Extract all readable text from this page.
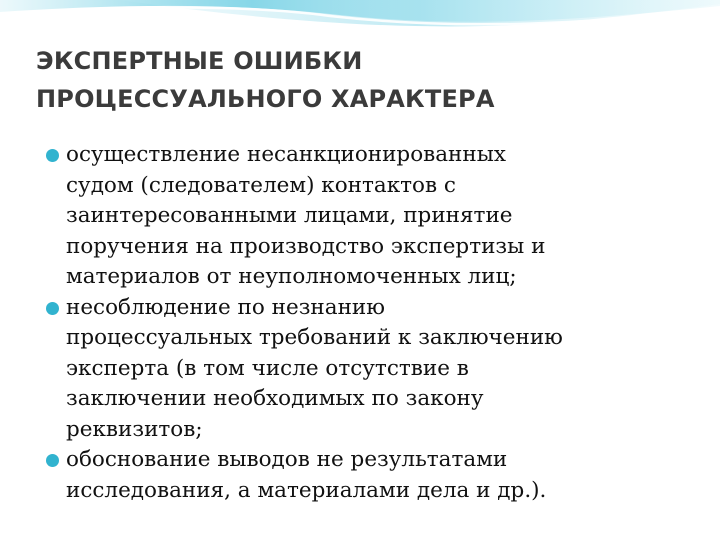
ЭКСПЕРТНЫЕ ОШИБКИ
ПРОЦЕССУАЛЬНОГО ХАРАКТЕРА
осуществление несанкционированных
судом (следователем) контактов с
заинтересованными лицами, принятие
поручения на производство экспертизы и
материалов от неуполномоченных лиц;
несоблюдение по незнанию
процессуальных требований к заключению
эксперта (в том числе отсутствие в
заключении необходимых по закону
реквизитов;
обоснование выводов не результатами
исследования, а материалами дела и др.).
